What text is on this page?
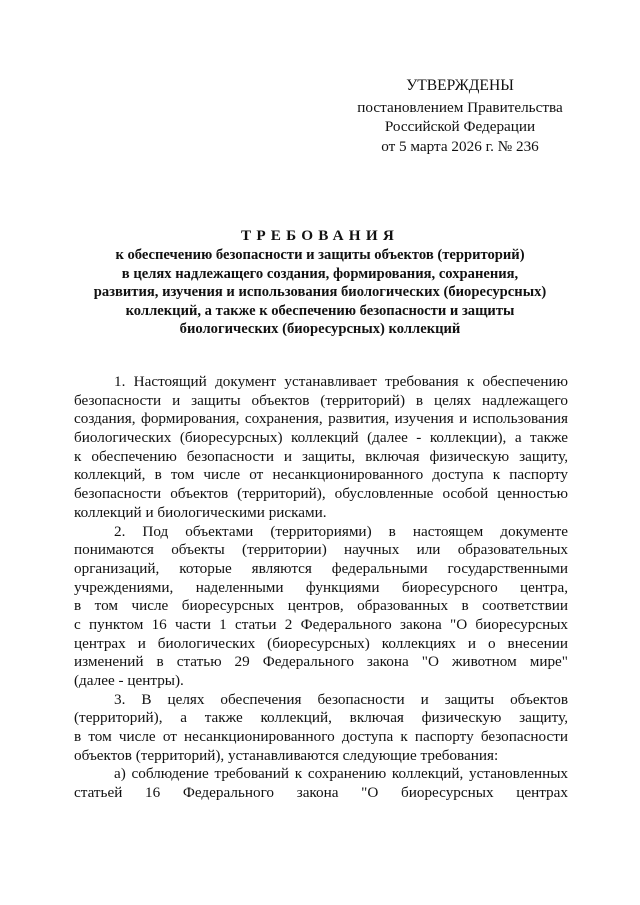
УТВЕРЖДЕНЫ
постановлением Правительства
Российской Федерации
от 5 марта 2026 г. № 236
ТРЕБОВАНИЯ
к обеспечению безопасности и защиты объектов (территорий)
в целях надлежащего создания, формирования, сохранения,
развития, изучения и использования биологических (биоресурсных)
коллекций, а также к обеспечению безопасности и защиты
биологических (биоресурсных) коллекций
1. Настоящий документ устанавливает требования к обеспечению
безопасности и защиты объектов (территорий) в целях надлежащего
создания, формирования, сохранения, развития, изучения и использования
биологических (биоресурсных) коллекций (далее - коллекции), а также
к обеспечению безопасности и защиты, включая физическую защиту,
коллекций, в том числе от несанкционированного доступа к паспорту
безопасности объектов (территорий), обусловленные особой ценностью
коллекций и биологическими рисками.
2. Под объектами (территориями) в настоящем документе
понимаются объекты (территории) научных или образовательных
организаций, которые являются федеральными государственными
учреждениями, наделенными функциями биоресурсного центра,
в том числе биоресурсных центров, образованных в соответствии
с пунктом 16 части 1 статьи 2 Федерального закона "О биоресурсных
центрах и биологических (биоресурсных) коллекциях и о внесении
изменений в статью 29 Федерального закона "О животном мире"
(далее - центры).
3. В целях обеспечения безопасности и защиты объектов
(территорий), а также коллекций, включая физическую защиту,
в том числе от несанкционированного доступа к паспорту безопасности
объектов (территорий), устанавливаются следующие требования:
а) соблюдение требований к сохранению коллекций, установленных
статьей 16 Федерального закона "О биоресурсных центрах
